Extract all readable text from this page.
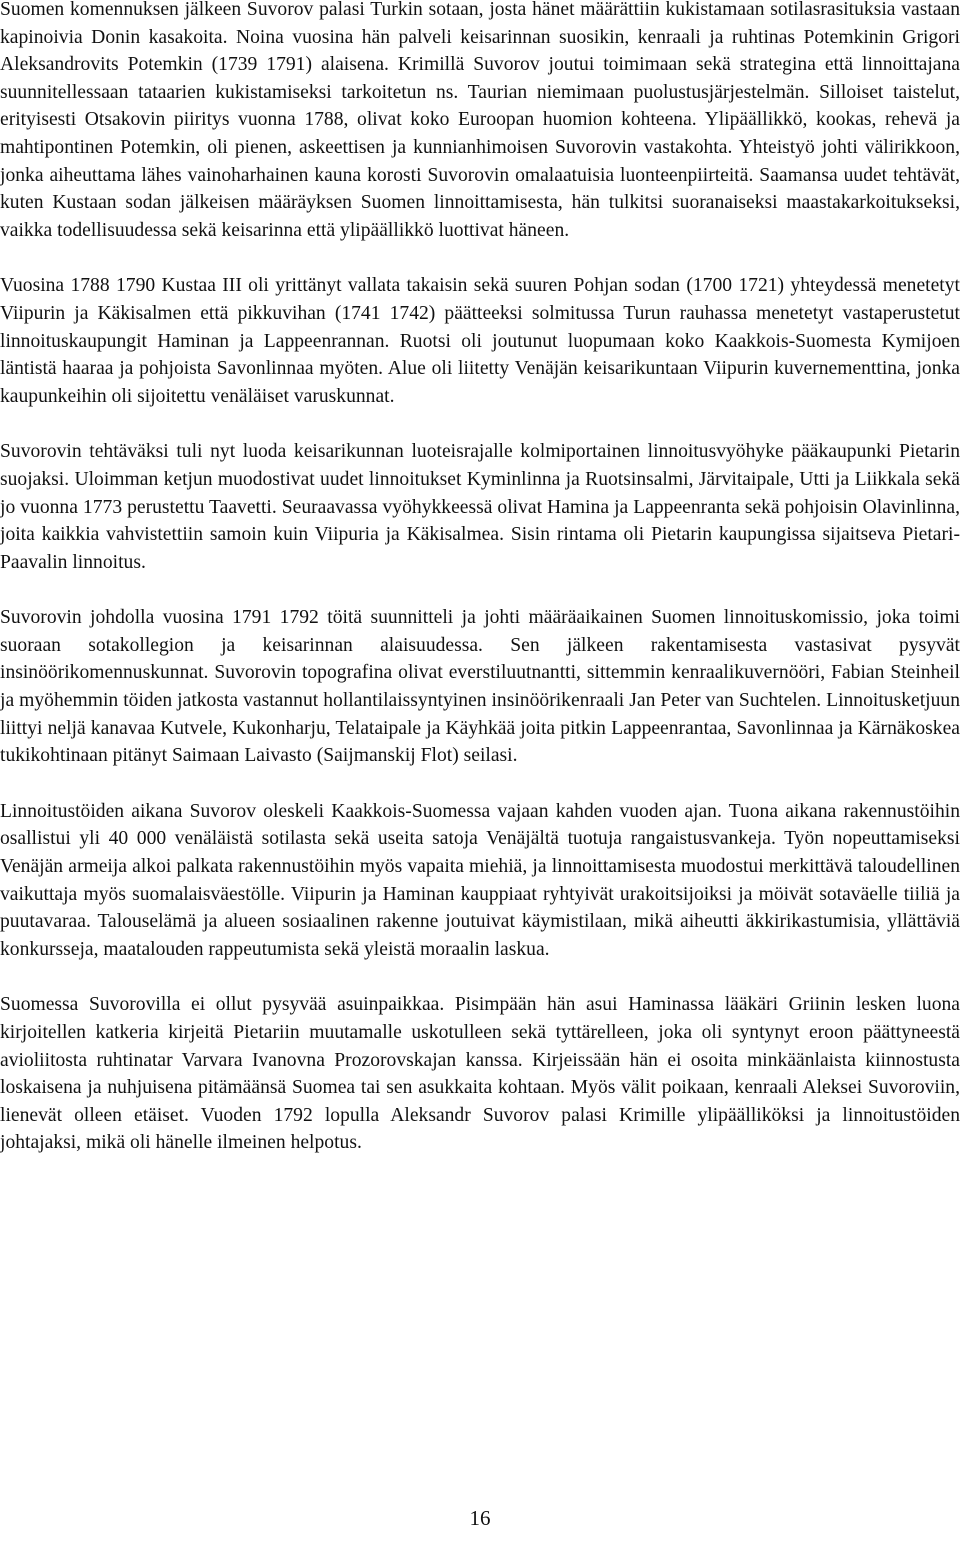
Suomen komennuksen jälkeen Suvorov palasi Turkin sotaan, josta hänet määrättiin kukistamaan sotilasrasituksia vastaan kapinoivia Donin kasakoita. Noina vuosina hän palveli keisarinnan suosikin, kenraali ja ruhtinas Potemkinin Grigori Aleksandrovits Potemkin (1739 1791) alaisena. Krimillä Suvorov joutui toimimaan sekä strategina että linnoittajana suunnitellessaan tataarien kukistamiseksi tarkoitetun ns. Taurian niemimaan puolustusjärjestelmän. Silloiset taistelut, erityisesti Otsakovin piiritys vuonna 1788, olivat koko Euroopan huomion kohteena. Ylipäällikkö, kookas, rehevä ja mahtipontinen Potemkin, oli pienen, askeettisen ja kunnianhimoisen Suvorovin vastakohta. Yhteistyö johti välirikkoon, jonka aiheuttama lähes vainoharhainen kauna korosti Suvorovin omalaatuisia luonteenpiirteitä. Saamansa uudet tehtävät, kuten Kustaan sodan jälkeisen määräyksen Suomen linnoittamisesta, hän tulkitsi suoranaiseksi maastakarkoitukseksi, vaikka todellisuudessa sekä keisarinna että ylipäällikkö luottivat häneen.

Vuosina 1788 1790 Kustaa III oli yrittänyt vallata takaisin sekä suuren Pohjan sodan (1700 1721) yhteydessä menetetyt Viipurin ja Käkisalmen että pikkuvihan (1741 1742) päätteeksi solmitussa Turun rauhassa menetetyt vastaperustetut linnoituskaupungit Haminan ja Lappeenrannan. Ruotsi oli joutunut luopumaan koko Kaakkois-Suomesta Kymijoen läntistä haaraa ja pohjoista Savonlinnaa myöten. Alue oli liitetty Venäjän keisarikuntaan Viipurin kuvernementtina, jonka kaupunkeihin oli sijoitettu venäläiset varuskunnat.

Suvorovin tehtäväksi tuli nyt luoda keisarikunnan luoteisrajalle kolmiportainen linnoitusvyöhyke pääkaupunki Pietarin suojaksi. Uloimman ketjun muodostivat uudet linnoitukset Kyminlinna ja Ruotsinsalmi, Järvitaipale, Utti ja Liikkala sekä jo vuonna 1773 perustettu Taavetti. Seuraavassa vyöhykkeessä olivat Hamina ja Lappeenranta sekä pohjoisin Olavinlinna, joita kaikkia vahvistettiin samoin kuin Viipuria ja Käkisalmea. Sisin rintama oli Pietarin kaupungissa sijaitseva Pietari-Paavalin linnoitus.

Suvorovin johdolla vuosina 1791 1792 töitä suunnitteli ja johti määräaikainen Suomen linnoituskomissio, joka toimi suoraan sotakollegion ja keisarinnan alaisuudessa. Sen jälkeen rakentamisesta vastasivat pysyvät insinöörikomennuskunnat. Suvorovin topografina olivat everstiluutnantti, sittemmin kenraalikuvernööri, Fabian Steinheil ja myöhemmin töiden jatkosta vastannut hollantilaissyntyinen insinöörikenraali Jan Peter van Suchtelen. Linnoitusketjuun liittyi neljä kanavaa Kutvele, Kukonharju, Telataipale ja Käyhkää joita pitkin Lappeenrantaa, Savonlinnaa ja Kärnäkoskea tukikohtinaan pitänyt Saimaan Laivasto (Saijmanskij Flot) seilasi.

Linnoitustöiden aikana Suvorov oleskeli Kaakkois-Suomessa vajaan kahden vuoden ajan. Tuona aikana rakennustöihin osallistui yli 40 000 venäläistä sotilasta sekä useita satoja Venäjältä tuotuja rangaistusvankeja. Työn nopeuttamiseksi Venäjän armeija alkoi palkata rakennustöihin myös vapaita miehiä, ja linnoittamisesta muodostui merkittävä taloudellinen vaikuttaja myös suomalaisväestölle. Viipurin ja Haminan kauppiaat ryhtyivät urakoitsijoiksi ja möivät sotaväelle tiiliä ja puutavaraa. Talouselämä ja alueen sosiaalinen rakenne joutuivat käymistilaan, mikä aiheutti äkkirikastumisia, yllättäviä konkursseja, maatalouden rappeutumista sekä yleistä moraalin laskua.

Suomessa Suvorovilla ei ollut pysyvää asuinpaikkaa. Pisimpään hän asui Haminassa lääkäri Griinin lesken luona kirjoitellen katkeria kirjeitä Pietariin muutamalle uskotulleen sekä tyttärelleen, joka oli syntynyt eroon päättyneestä avioliitosta ruhtinatar Varvara Ivanovna Prozorovskajan kanssa. Kirjeissään hän ei osoita minkäänlaista kiinnostusta loskaisena ja nuhjuisena pitämäänsä Suomea tai sen asukkaita kohtaan. Myös välit poikaan, kenraali Aleksei Suvoroviin, lienevät olleen etäiset. Vuoden 1792 lopulla Aleksandr Suvorov palasi Krimille ylipäälliköksi ja linnoitustöiden johtajaksi, mikä oli hänelle ilmeinen helpotus.

16
